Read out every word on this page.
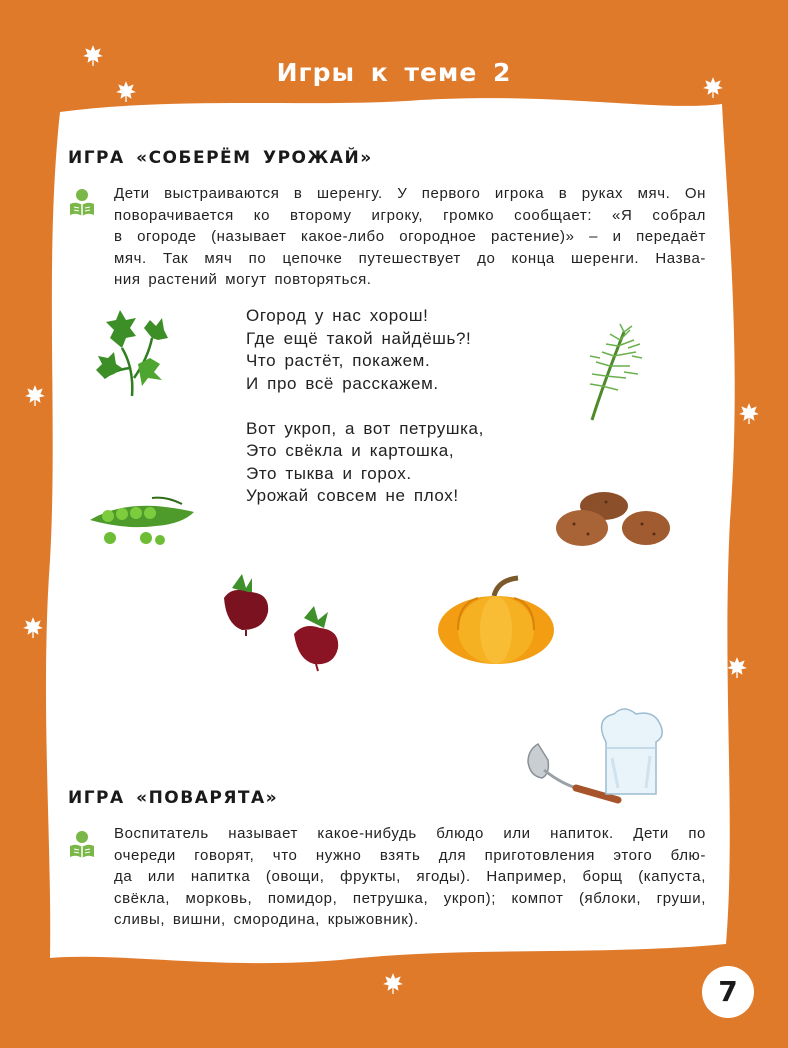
Игры к теме 2
ИГРА «СОБЕРЁМ УРОЖАЙ»
Дети выстраиваются в шеренгу. У первого игрока в руках мяч. Он
поворачивается ко второму игроку, громко сообщает: «Я собрал
в огороде (называет какое-либо огородное растение)» – и передаёт
мяч. Так мяч по цепочке путешествует до конца шеренги. Назва-
ния растений могут повторяться.
Огород у нас хорош!
Где ещё такой найдёшь?!
Что растёт, покажем.
И про всё расскажем.
Вот укроп, а вот петрушка,
Это свёкла и картошка,
Это тыква и горох.
Урожай совсем не плох!
ИГРА «ПОВАРЯТА»
Воспитатель называет какое-нибудь блюдо или напиток. Дети по
очереди говорят, что нужно взять для приготовления этого блю-
да или напитка (овощи, фрукты, ягоды). Например, борщ (капуста,
свёкла, морковь, помидор, петрушка, укроп); компот (яблоки, груши,
сливы, вишни, смородина, крыжовник).
7
